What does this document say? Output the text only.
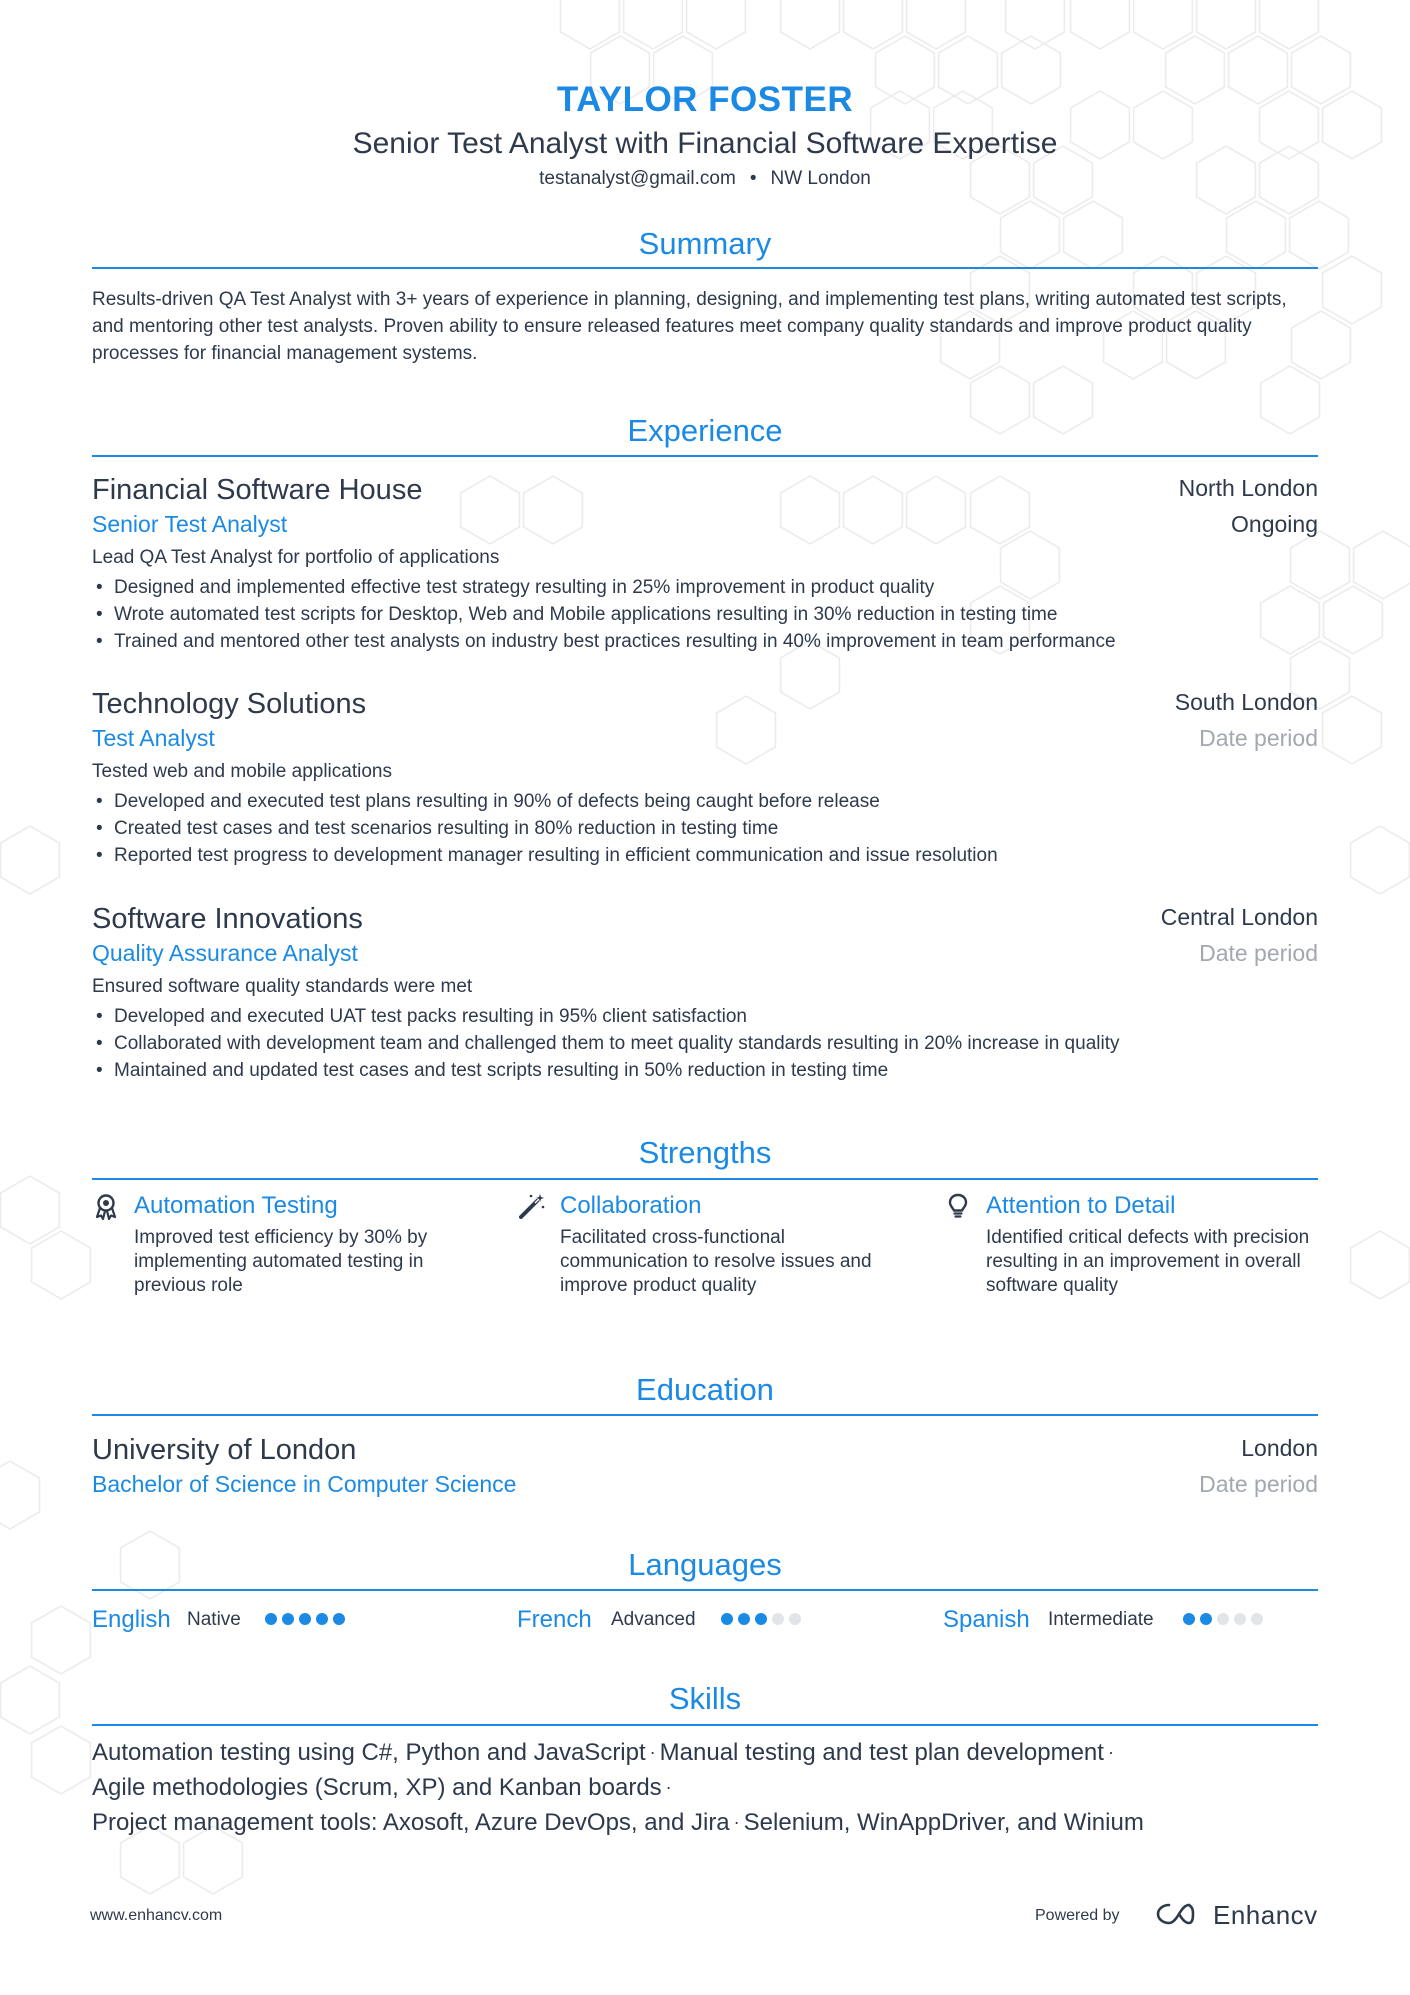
TAYLOR FOSTER
Senior Test Analyst with Financial Software Expertise
testanalyst@gmail.com • NW London
Summary
Results-driven QA Test Analyst with 3+ years of experience in planning, designing, and implementing test plans, writing automated test scripts, and mentoring other test analysts. Proven ability to ensure released features meet company quality standards and improve product quality processes for financial management systems.
Experience
Financial Software House	North London
Senior Test Analyst	Ongoing
Lead QA Test Analyst for portfolio of applications
• Designed and implemented effective test strategy resulting in 25% improvement in product quality
• Wrote automated test scripts for Desktop, Web and Mobile applications resulting in 30% reduction in testing time
• Trained and mentored other test analysts on industry best practices resulting in 40% improvement in team performance
Technology Solutions	South London
Test Analyst	Date period
Tested web and mobile applications
• Developed and executed test plans resulting in 90% of defects being caught before release
• Created test cases and test scenarios resulting in 80% reduction in testing time
• Reported test progress to development manager resulting in efficient communication and issue resolution
Software Innovations	Central London
Quality Assurance Analyst	Date period
Ensured software quality standards were met
• Developed and executed UAT test packs resulting in 95% client satisfaction
• Collaborated with development team and challenged them to meet quality standards resulting in 20% increase in quality
• Maintained and updated test cases and test scripts resulting in 50% reduction in testing time
Strengths
Automation Testing
Improved test efficiency by 30% by implementing automated testing in previous role
Collaboration
Facilitated cross-functional communication to resolve issues and improve product quality
Attention to Detail
Identified critical defects with precision resulting in an improvement in overall software quality
Education
University of London	London
Bachelor of Science in Computer Science	Date period
Languages
English Native	French Advanced	Spanish Intermediate
Skills
Automation testing using C#, Python and JavaScript · Manual testing and test plan development ·
Agile methodologies (Scrum, XP) and Kanban boards ·
Project management tools: Axosoft, Azure DevOps, and Jira · Selenium, WinAppDriver, and Winium
www.enhancv.com	Powered by	Enhancv
